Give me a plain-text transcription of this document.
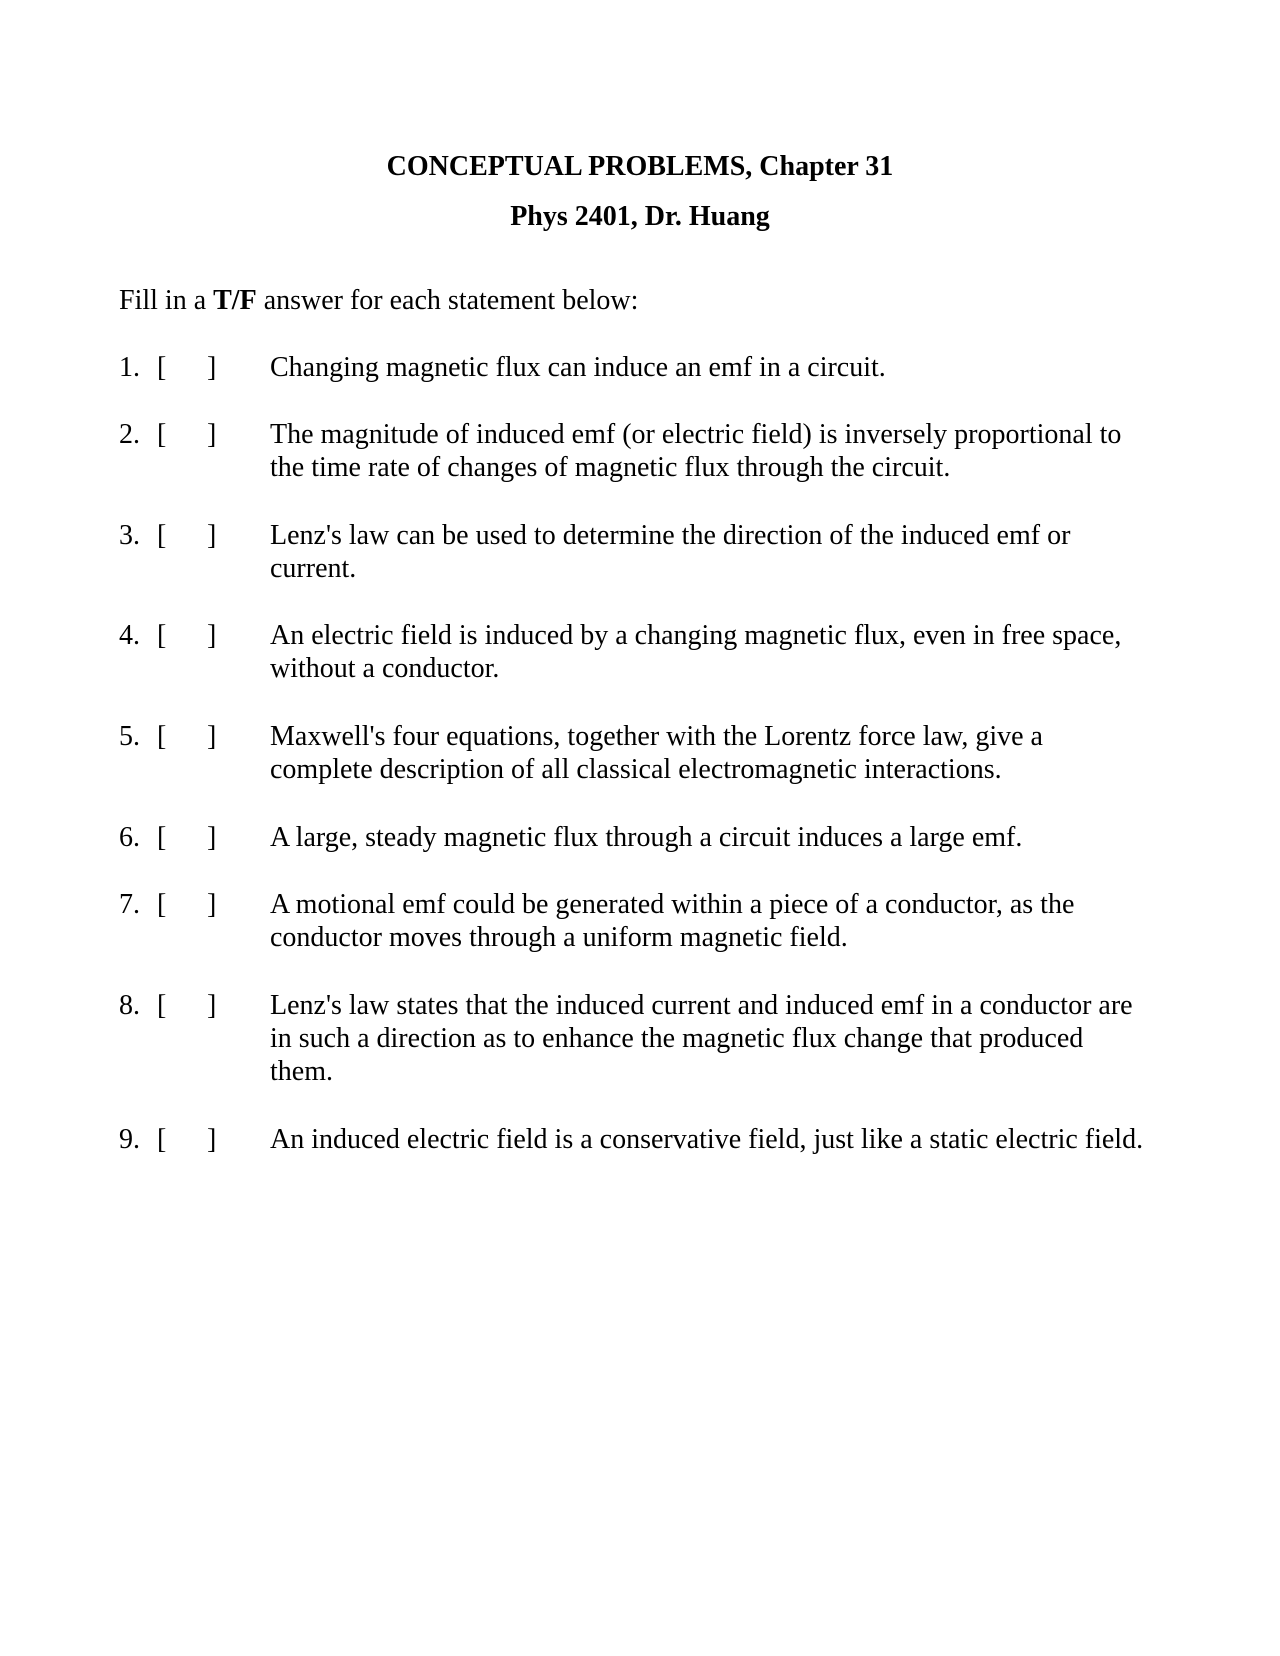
CONCEPTUAL PROBLEMS, Chapter 31
Phys 2401, Dr. Huang
Fill in a T/F answer for each statement below:
1. [ ] Changing magnetic flux can induce an emf in a circuit.
2. [ ] The magnitude of induced emf (or electric field) is inversely proportional to the time rate of changes of magnetic flux through the circuit.
3. [ ] Lenz's law can be used to determine the direction of the induced emf or current.
4. [ ] An electric field is induced by a changing magnetic flux, even in free space, without a conductor.
5. [ ] Maxwell's four equations, together with the Lorentz force law, give a complete description of all classical electromagnetic interactions.
6. [ ] A large, steady magnetic flux through a circuit induces a large emf.
7. [ ] A motional emf could be generated within a piece of a conductor, as the conductor moves through a uniform magnetic field.
8. [ ] Lenz's law states that the induced current and induced emf in a conductor are in such a direction as to enhance the magnetic flux change that produced them.
9. [ ] An induced electric field is a conservative field, just like a static electric field.
